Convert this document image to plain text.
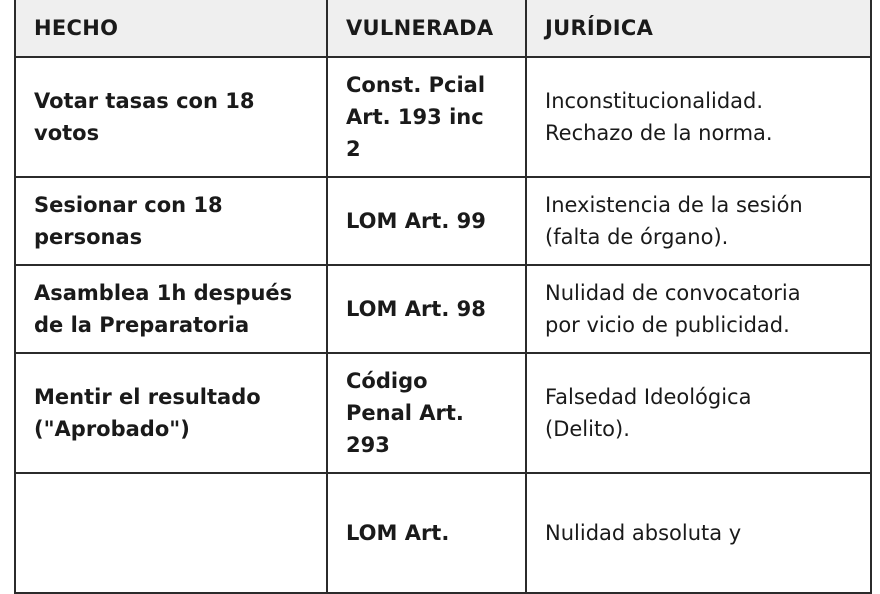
HECHO	VULNERADA	JURÍDICA

Votar tasas con 18
votos	Const. Pcial
Art. 193 inc
2	Inconstitucionalidad.
Rechazo de la norma.

Sesionar con 18
personas	LOM Art. 99	Inexistencia de la sesión
(falta de órgano).

Asamblea 1h después
de la Preparatoria	LOM Art. 98	Nulidad de convocatoria
por vicio de publicidad.

Mentir el resultado
("Aprobado")	Código
Penal Art.
293	Falsedad Ideológica
(Delito).

	LOM Art.	Nulidad absoluta y
